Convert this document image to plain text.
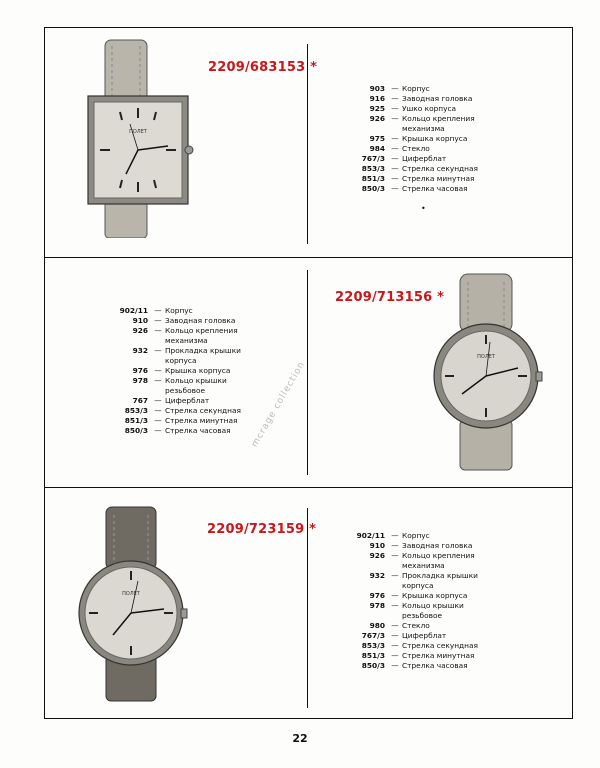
ПОЛЕТ
2209/683153 *
903 — Корпус
916 — Заводная головка
925 — Ушко корпуса
926 — Кольцо крепления механизма
975 — Крышка корпуса
984 — Стекло
767/3 — Циферблат
853/3 — Стрелка секундная
851/3 — Стрелка минутная
850/3 — Стрелка часовая
•
2209/713156 *
902/11 — Корпус
910 — Заводная головка
926 — Кольцо крепления механизма
932 — Прокладка крышки корпуса
976 — Крышка корпуса
978 — Кольцо крышки резьбовое
767 — Циферблат
853/3 — Стрелка секундная
851/3 — Стрелка минутная
850/3 — Стрелка часовая
ПОЛЕТ
ПОЛЕТ
2209/723159 *	902/11 — Корпус
910 — Заводная головка
926 — Кольцо крепления механизма
932 — Прокладка крышки корпуса
976 — Крышка корпуса
978 — Кольцо крышки резьбовое
980 — Стекло
767/3 — Циферблат
853/3 — Стрелка секундная
851/3 — Стрелка минутная
850/3 — Стрелка часовая
mcrage collection
22
